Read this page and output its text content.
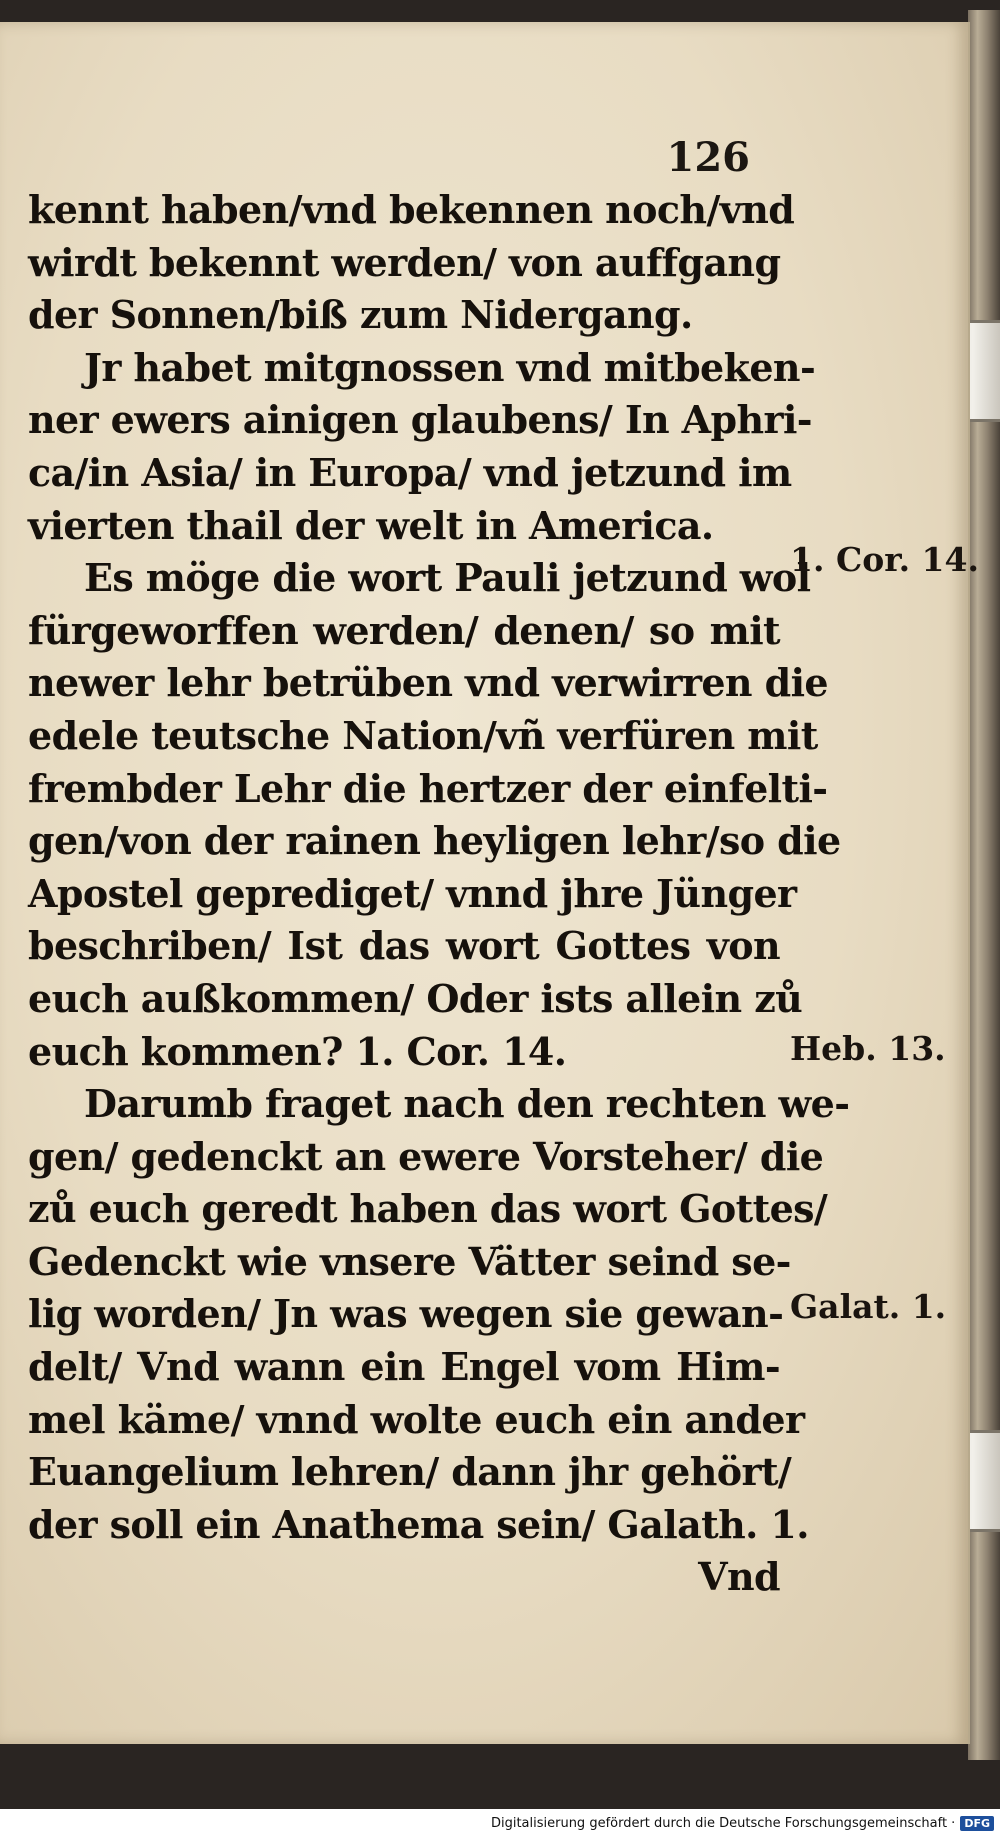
126
kennt haben/vnd bekennen noch/vnd
wirdt bekennt werden/ von auffgang
der Sonnen/biß zum Nidergang.
Jr habet mitgnossen vnd mitbeken-
ner ewers ainigen glaubens/ In Aphri-
ca/in Asia/ in Europa/ vnd jetzund im
vierten thail der welt in America.
Es möge die wort Pauli jetzund wol
fürgeworffen werden/ denen/ so mit
newer lehr betrüben vnd verwirren die
edele teutsche Nation/vñ verfüren mit
frembder Lehr die hertzer der einfelti-
gen/von der rainen heyligen lehr/so die
Apostel geprediget/ vnnd jhre Jünger
beschriben/ Ist das wort Gottes von
euch außkommen/ Oder ists allein zů
euch kommen? 1. Cor. 14.
Darumb fraget nach den rechten we-
gen/ gedenckt an ewere Vorsteher/ die
zů euch geredt haben das wort Gottes/
Gedenckt wie vnsere Vätter seind se-
lig worden/ Jn was wegen sie gewan-
delt/ Vnd wann ein Engel vom Him-
mel käme/ vnnd wolte euch ein ander
Euangelium lehren/ dann jhr gehört/
der soll ein Anathema sein/ Galath. 1.
Vnd
1. Cor. 14.
Heb. 13.
Galat. 1.
Digitalisierung gefördert durch die Deutsche Forschungsgemeinschaft · DFG
